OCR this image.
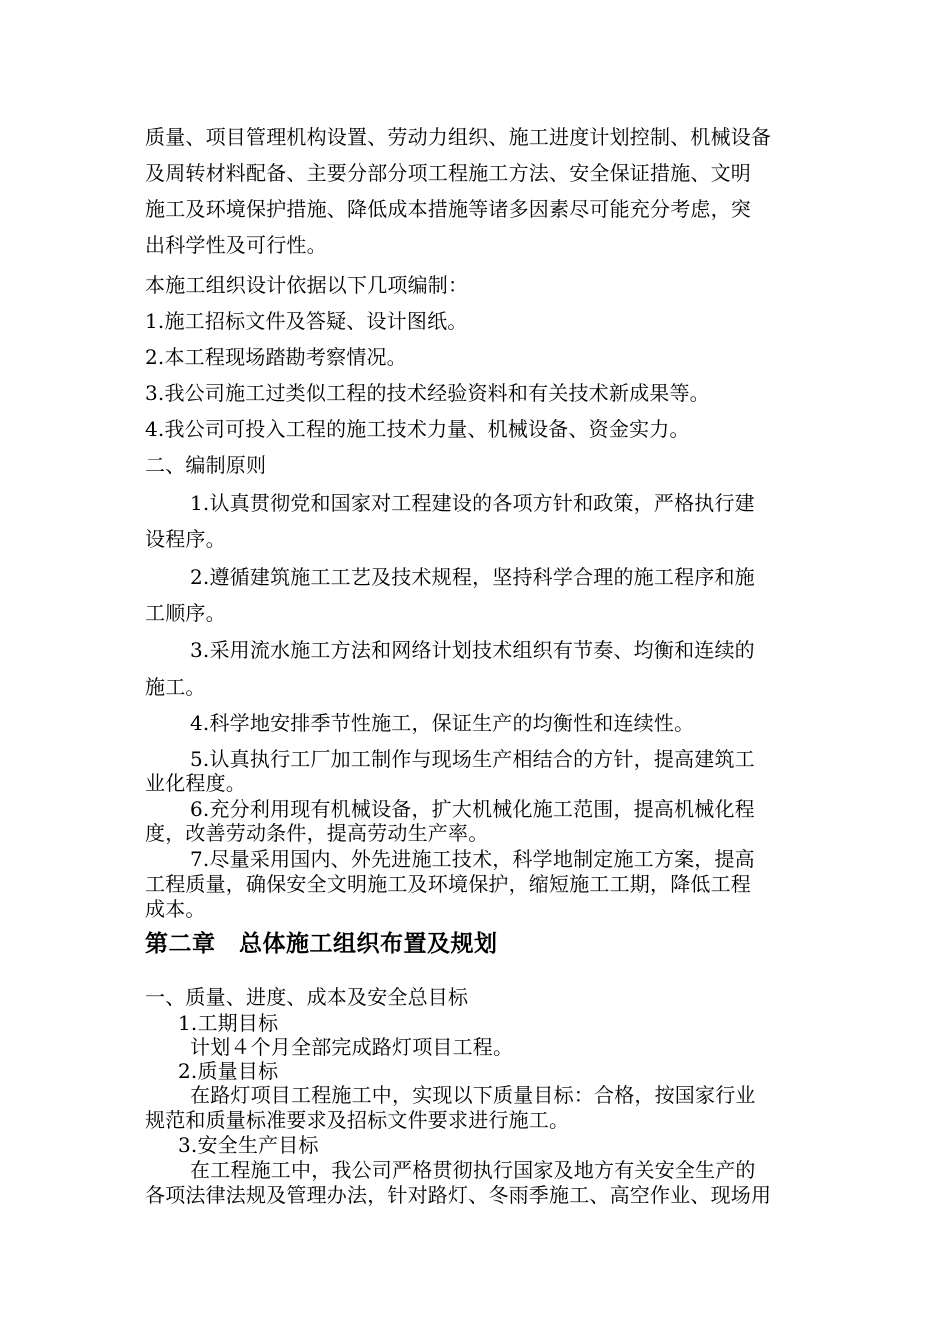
质量、项目管理机构设置、劳动力组织、施工进度计划控制、机械设备
及周转材料配备、主要分部分项工程施工方法、安全保证措施、文明
施工及环境保护措施、降低成本措施等诸多因素尽可能充分考虑，突
出科学性及可行性。
本施工组织设计依据以下几项编制：
1.施工招标文件及答疑、设计图纸。
2.本工程现场踏勘考察情况。
3.我公司施工过类似工程的技术经验资料和有关技术新成果等。
4.我公司可投入工程的施工技术力量、机械设备、资金实力。
二、编制原则
1.认真贯彻党和国家对工程建设的各项方针和政策，严格执行建
设程序。
2.遵循建筑施工工艺及技术规程，坚持科学合理的施工程序和施
工顺序。
3.采用流水施工方法和网络计划技术组织有节奏、均衡和连续的
施工。
4.科学地安排季节性施工，保证生产的均衡性和连续性。
5.认真执行工厂加工制作与现场生产相结合的方针，提高建筑工
业化程度。
6.充分利用现有机械设备，扩大机械化施工范围，提高机械化程
度，改善劳动条件，提高劳动生产率。
7.尽量采用国内、外先进施工技术，科学地制定施工方案，提高
工程质量，确保安全文明施工及环境保护，缩短施工工期，降低工程
成本。
第二章　总体施工组织布置及规划
一、质量、进度、成本及安全总目标
1.工期目标
计划４个月全部完成路灯项目工程。
2.质量目标
在路灯项目工程施工中，实现以下质量目标：合格，按国家行业
规范和质量标准要求及招标文件要求进行施工。
3.安全生产目标
在工程施工中，我公司严格贯彻执行国家及地方有关安全生产的
各项法律法规及管理办法，针对路灯、冬雨季施工、高空作业、现场用
